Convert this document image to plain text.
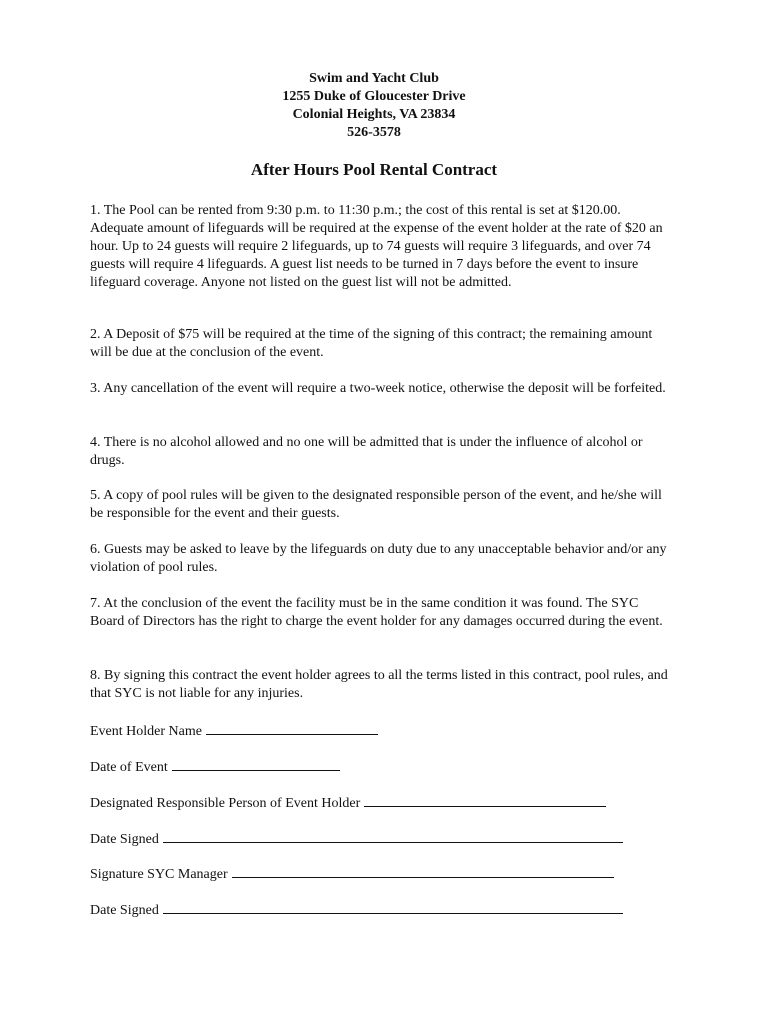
Swim and Yacht Club
1255 Duke of Gloucester Drive
Colonial Heights, VA 23834
526-3578
After Hours Pool Rental Contract

1. The Pool can be rented from 9:30 p.m. to 11:30 p.m.; the cost of this rental is set at $120.00. Adequate amount of lifeguards will be required at the expense of the event holder at the rate of $20 an hour. Up to 24 guests will require 2 lifeguards, up to 74 guests will require 3 lifeguards, and over 74 guests will require 4 lifeguards. A guest list needs to be turned in 7 days before the event to insure lifeguard coverage. Anyone not listed on the guest list will not be admitted.

2. A Deposit of $75 will be required at the time of the signing of this contract; the remaining amount will be due at the conclusion of the event.

3. Any cancellation of the event will require a two-week notice, otherwise the deposit will be forfeited.

4. There is no alcohol allowed and no one will be admitted that is under the influence of alcohol or drugs.

5. A copy of pool rules will be given to the designated responsible person of the event, and he/she will be responsible for the event and their guests.

6. Guests may be asked to leave by the lifeguards on duty due to any unacceptable behavior and/or any violation of pool rules.

7. At the conclusion of the event the facility must be in the same condition it was found. The SYC Board of Directors has the right to charge the event holder for any damages occurred during the event.

8. By signing this contract the event holder agrees to all the terms listed in this contract, pool rules, and that SYC is not liable for any injuries.

Event Holder Name
Date of Event
Designated Responsible Person of Event Holder
Date Signed
Signature SYC Manager
Date Signed
